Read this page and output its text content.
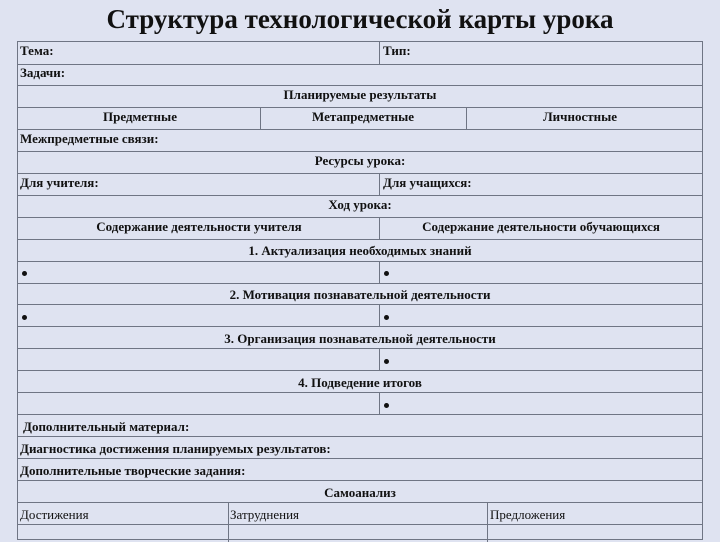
Структура технологической карты урока
Тема:	Тип:
Задачи:
Планируемые результаты
Предметные	Метапредметные	Личностные
Межпредметные связи:
Ресурсы урока:
Для учителя:	Для учащихся:
Ход урока:
Содержание деятельности учителя	Содержание деятельности обучающихся
1. Актуализация необходимых знаний
2. Мотивация познавательной деятельности
3. Организация познавательной деятельности
4. Подведение итогов
Дополнительный материал:
Диагностика достижения планируемых результатов:
Дополнительные творческие задания:
Самоанализ
Достижения	Затруднения	Предложения
